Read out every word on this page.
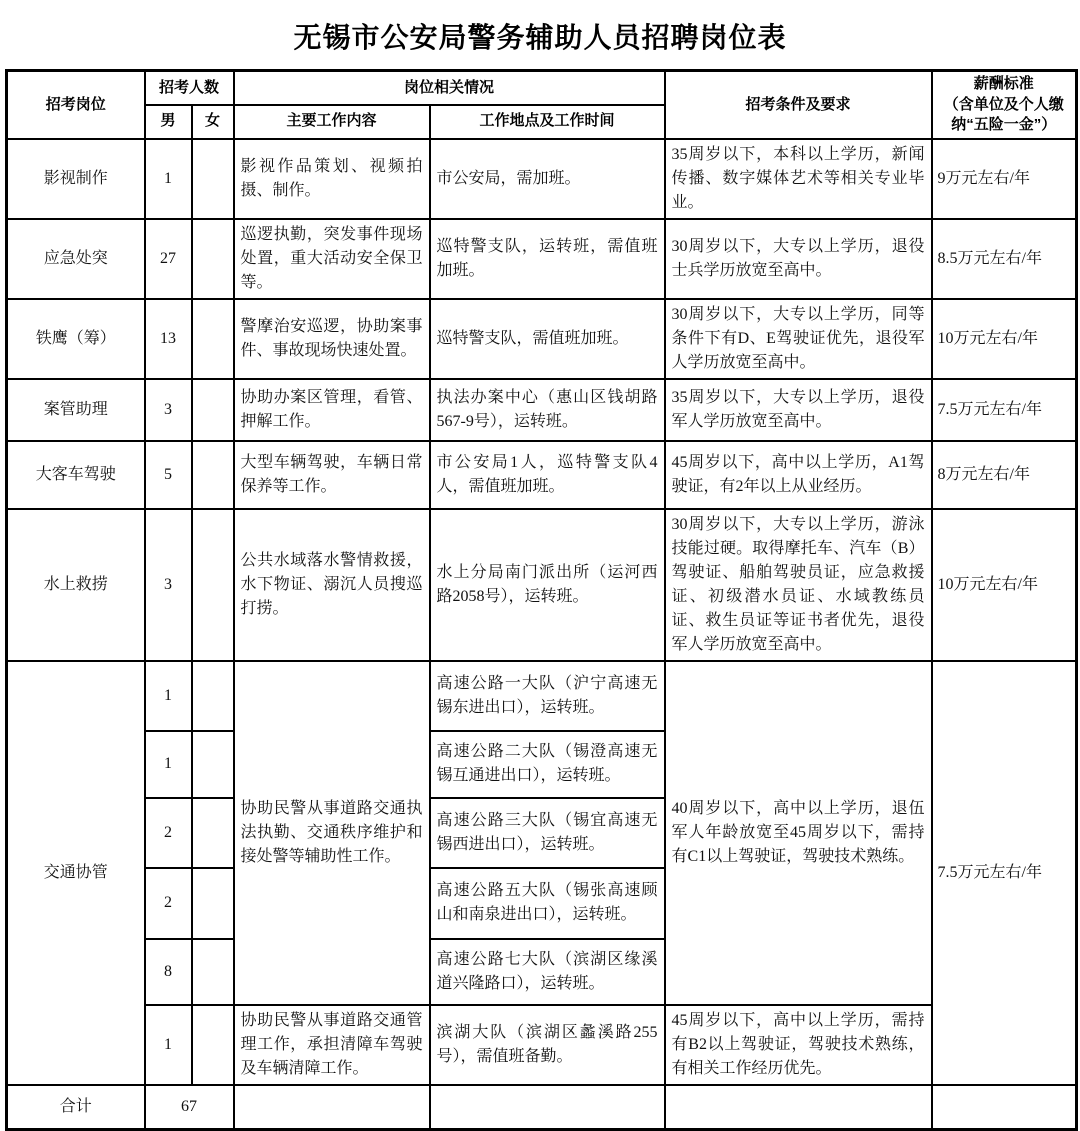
无锡市公安局警务辅助人员招聘岗位表
招考岗位	招考人数		岗位相关情况		招考条件及要求	薪酬标准
（含单位及个人缴纳“五险一金”）

	男	女	主要工作内容	工作地点及工作时间		
影视制作	1		影视作品策划、视频拍摄、制作。	市公安局，需加班。	35周岁以下，本科以上学历，新闻传播、数字媒体艺术等相关专业毕业。	9万元左右/年
应急处突	27		巡逻执勤，突发事件现场处置，重大活动安全保卫等。	巡特警支队，运转班，需值班加班。	30周岁以下，大专以上学历，退役士兵学历放宽至高中。	8.5万元左右/年
铁鹰（筹）	13		警摩治安巡逻，协助案事件、事故现场快速处置。	巡特警支队，需值班加班。	30周岁以下，大专以上学历，同等条件下有D、E驾驶证优先，退役军人学历放宽至高中。	10万元左右/年
案管助理	3		协助办案区管理，看管、押解工作。	执法办案中心（惠山区钱胡路567-9号），运转班。	35周岁以下，大专以上学历，退役军人学历放宽至高中。	7.5万元左右/年
大客车驾驶	5		大型车辆驾驶，车辆日常保养等工作。	市公安局1人，巡特警支队4人，需值班加班。	45周岁以下，高中以上学历，A1驾驶证，有2年以上从业经历。	8万元左右/年
水上救捞	3		公共水域落水警情救援，水下物证、溺沉人员搜巡打捞。	水上分局南门派出所（运河西路2058号），运转班。	30周岁以下，大专以上学历，游泳技能过硬。取得摩托车、汽车（B）驾驶证、船舶驾驶员证，应急救援证、初级潜水员证、水域教练员证、救生员证等证书者优先，退役军人学历放宽至高中。	10万元左右/年
交通协管	1		协助民警从事道路交通执法执勤、交通秩序维护和接处警等辅助性工作。	高速公路一大队（沪宁高速无锡东进出口），运转班。	40周岁以下，高中以上学历，退伍军人年龄放宽至45周岁以下，需持有C1以上驾驶证，驾驶技术熟练。	7.5万元左右/年
	1			高速公路二大队（锡澄高速无锡互通进出口），运转班。		
	2			高速公路三大队（锡宜高速无锡西进出口），运转班。		
	2			高速公路五大队（锡张高速顾山和南泉进出口），运转班。		
	8			高速公路七大队（滨湖区缘溪道兴隆路口），运转班。		
	1		协助民警从事道路交通管理工作，承担清障车驾驶及车辆清障工作。	滨湖大队（滨湖区蠡溪路255号），需值班备勤。	45周岁以下，高中以上学历，需持有B2以上驾驶证，驾驶技术熟练，有相关工作经历优先。	
合计	67					
